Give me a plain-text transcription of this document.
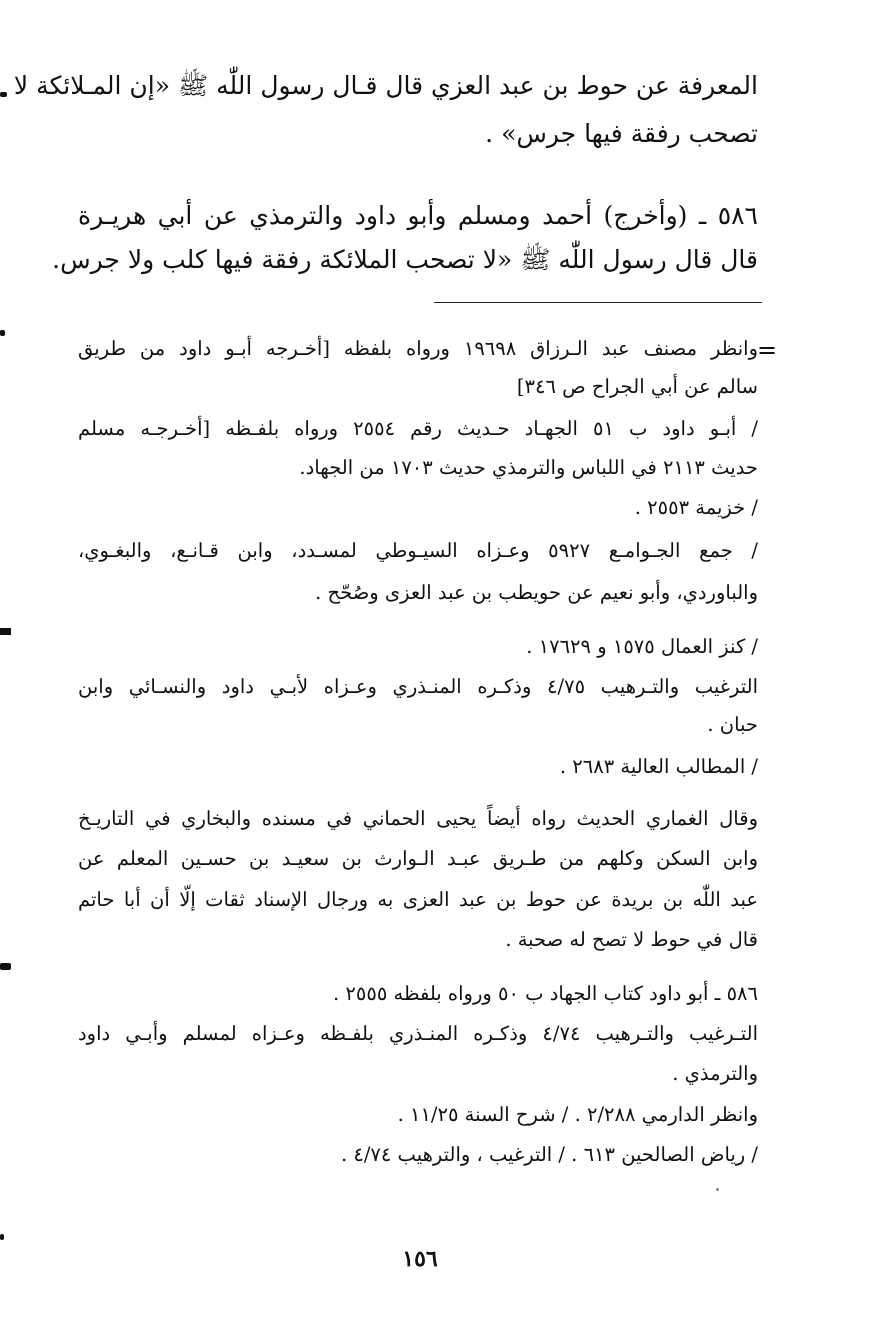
المعرفة عن حوط بن عبد العزي قال قـال رسول اللّٰه ﷺ «إن المـلائكة لا
تصحب رفقة فيها جرس» .
٥٨٦ ـ (وأخرج) أحمد ومسلم وأبو داود والترمذي عن أبي هريـرة
قال قال رسول اللّٰه ﷺ «لا تصحب الملائكة رفقة فيها كلب ولا جرس.
=
وانظر مصنف عبد الـرزاق ١٩٦٩٨ ورواه بلفظه [أخـرجه أبـو داود من طريق
سالم عن أبي الجراح ص ٣٤٦]
/ أبـو داود ب ٥١ الجهـاد حـديث رقم ٢٥٥٤ ورواه بلفـظه [أخـرجـه مسلم
حديث ٢١١٣ في اللباس والترمذي حديث ١٧٠٣ من الجهاد.
/ خزيمة ٢٥٥٣ .
/ جمع الجـوامـع ٥٩٢٧ وعـزاه السيـوطي لمسـدد، وابن قـانـع، والبغـوي،
والباوردي، وأبو نعيم عن حويطب بن عبد العزى وصُحّح .
/ كنز العمال ١٥٧٥ و ١٧٦٢٩ .
الترغيب والتـرهيب ٤/٧٥ وذكـره المنـذري وعـزاه لأبـي داود والنسـائي وابن
حبان .
/ المطالب العالية ٢٦٨٣ .
وقال الغماري الحديث رواه أيضاً يحيى الحماني في مسنده والبخاري في التاريـخ
وابن السكن وكلهم من طـريق عبـد الـوارث بن سعيـد بن حسـين المعلم عن
عبد اللّٰه بن بريدة عن حوط بن عبد العزى به ورجال الإسناد ثقات إلّا أن أبا حاتم
قال في حوط لا تصح له صحبة .
٥٨٦ ـ أبو داود كتاب الجهاد ب ٥٠ ورواه بلفظه ٢٥٥٥ .
التـرغيب والتـرهيب ٤/٧٤ وذكـره المنـذري بلفـظه وعـزاه لمسلم وأبـي داود
والترمذي .
وانظر الدارمي ٢/٢٨٨ . / شرح السنة ١١/٢٥ .
/ رياض الصالحين ٦١٣ . / الترغيب ، والترهيب ٤/٧٤ .
١٥٦
